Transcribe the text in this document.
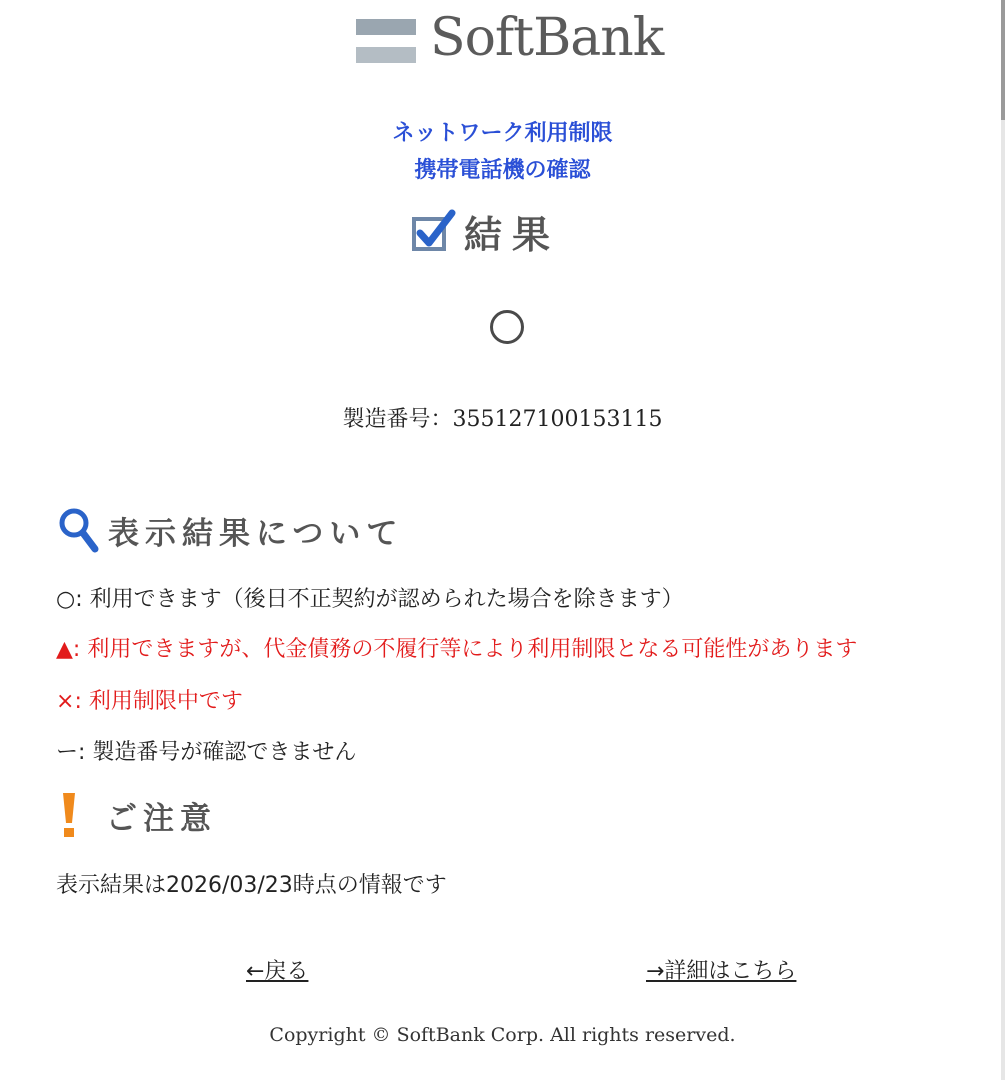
SoftBank
ネットワーク利用制限
携帯電話機の確認
結果
製造番号：355127100153115
表示結果について
○: 利用できます（後日不正契約が認められた場合を除きます）
▲: 利用できますが、代金債務の不履行等により利用制限となる可能性があります
×: 利用制限中です
ー: 製造番号が確認できません
ご注意
表示結果は2026/03/23時点の情報です
←戻る	→詳細はこちら
Copyright © SoftBank Corp. All rights reserved.
